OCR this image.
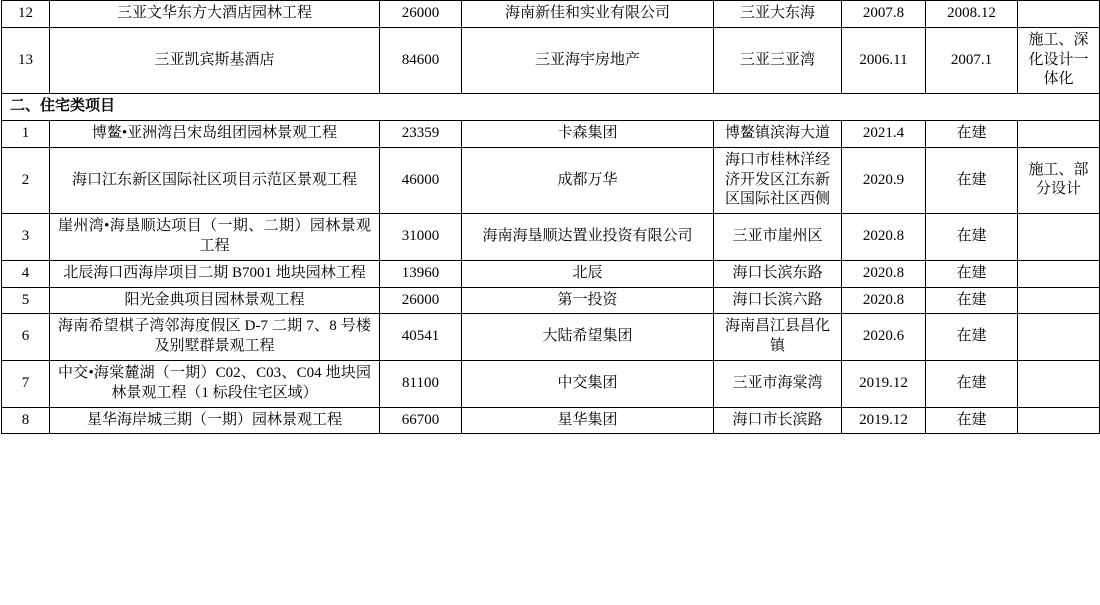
12	三亚文华东方大酒店园林工程	26000	海南新佳和实业有限公司	三亚大东海	2007.8	2008.12	
13	三亚凯宾斯基酒店	84600	三亚海宇房地产	三亚三亚湾	2006.11	2007.1	施工、深化设计一体化
二、住宅类项目							
1	博鳌•亚洲湾吕宋岛组团园林景观工程	23359	卡森集团	博鳌镇滨海大道	2021.4	在建	
2	海口江东新区国际社区项目示范区景观工程	46000	成都万华	海口市桂林洋经济开发区江东新区国际社区西侧	2020.9	在建	施工、部分设计
3	崖州湾•海垦顺达项目（一期、二期）园林景观工程	31000	海南海垦顺达置业投资有限公司	三亚市崖州区	2020.8	在建	
4	北辰海口西海岸项目二期 B7001 地块园林工程	13960	北辰	海口长滨东路	2020.8	在建	
5	阳光金典项目园林景观工程	26000	第一投资	海口长滨六路	2020.8	在建	
6	海南希望棋子湾邻海度假区 D-7 二期 7、8 号楼及别墅群景观工程	40541	大陆希望集团	海南昌江县昌化镇	2020.6	在建	
7	中交•海棠麓湖（一期）C02、C03、C04 地块园林景观工程（1 标段住宅区域）	81100	中交集团	三亚市海棠湾	2019.12	在建	
8	星华海岸城三期（一期）园林景观工程	66700	星华集团	海口市长滨路	2019.12	在建	
